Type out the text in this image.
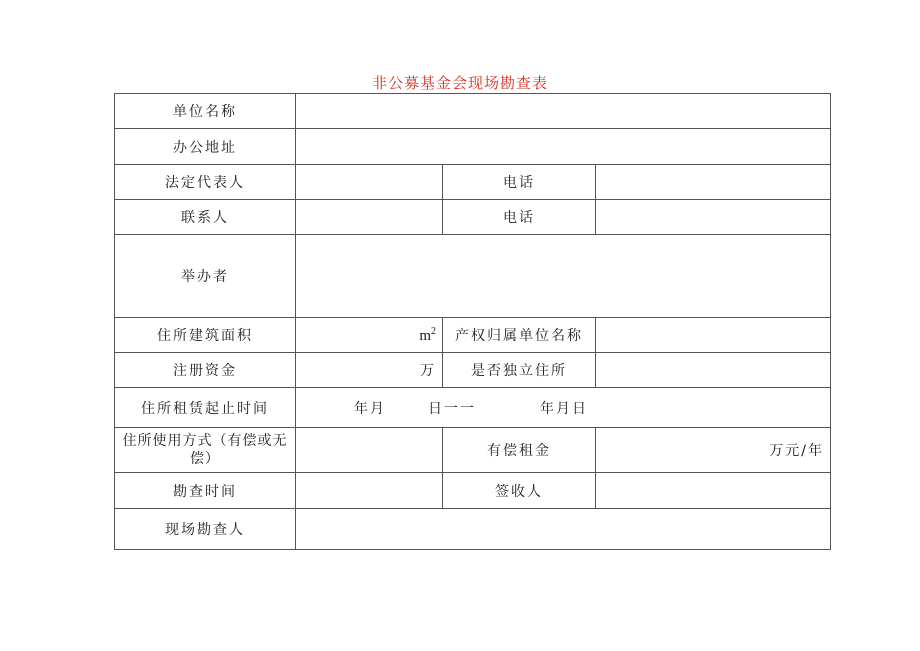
非公募基金会现场勘查表
单位名称			
办公地址			
法定代表人		电话	
联系人		电话	
举办者			
住所建筑面积	$m^2$	产权归属单位名称	
注册资金	万	是否独立住所	
住所租赁起止时间	年月 日一一 年月日		
住所使用方式（有偿或无偿）		有偿租金	万元/年
勘查时间		签收人	
现场勘查人			
